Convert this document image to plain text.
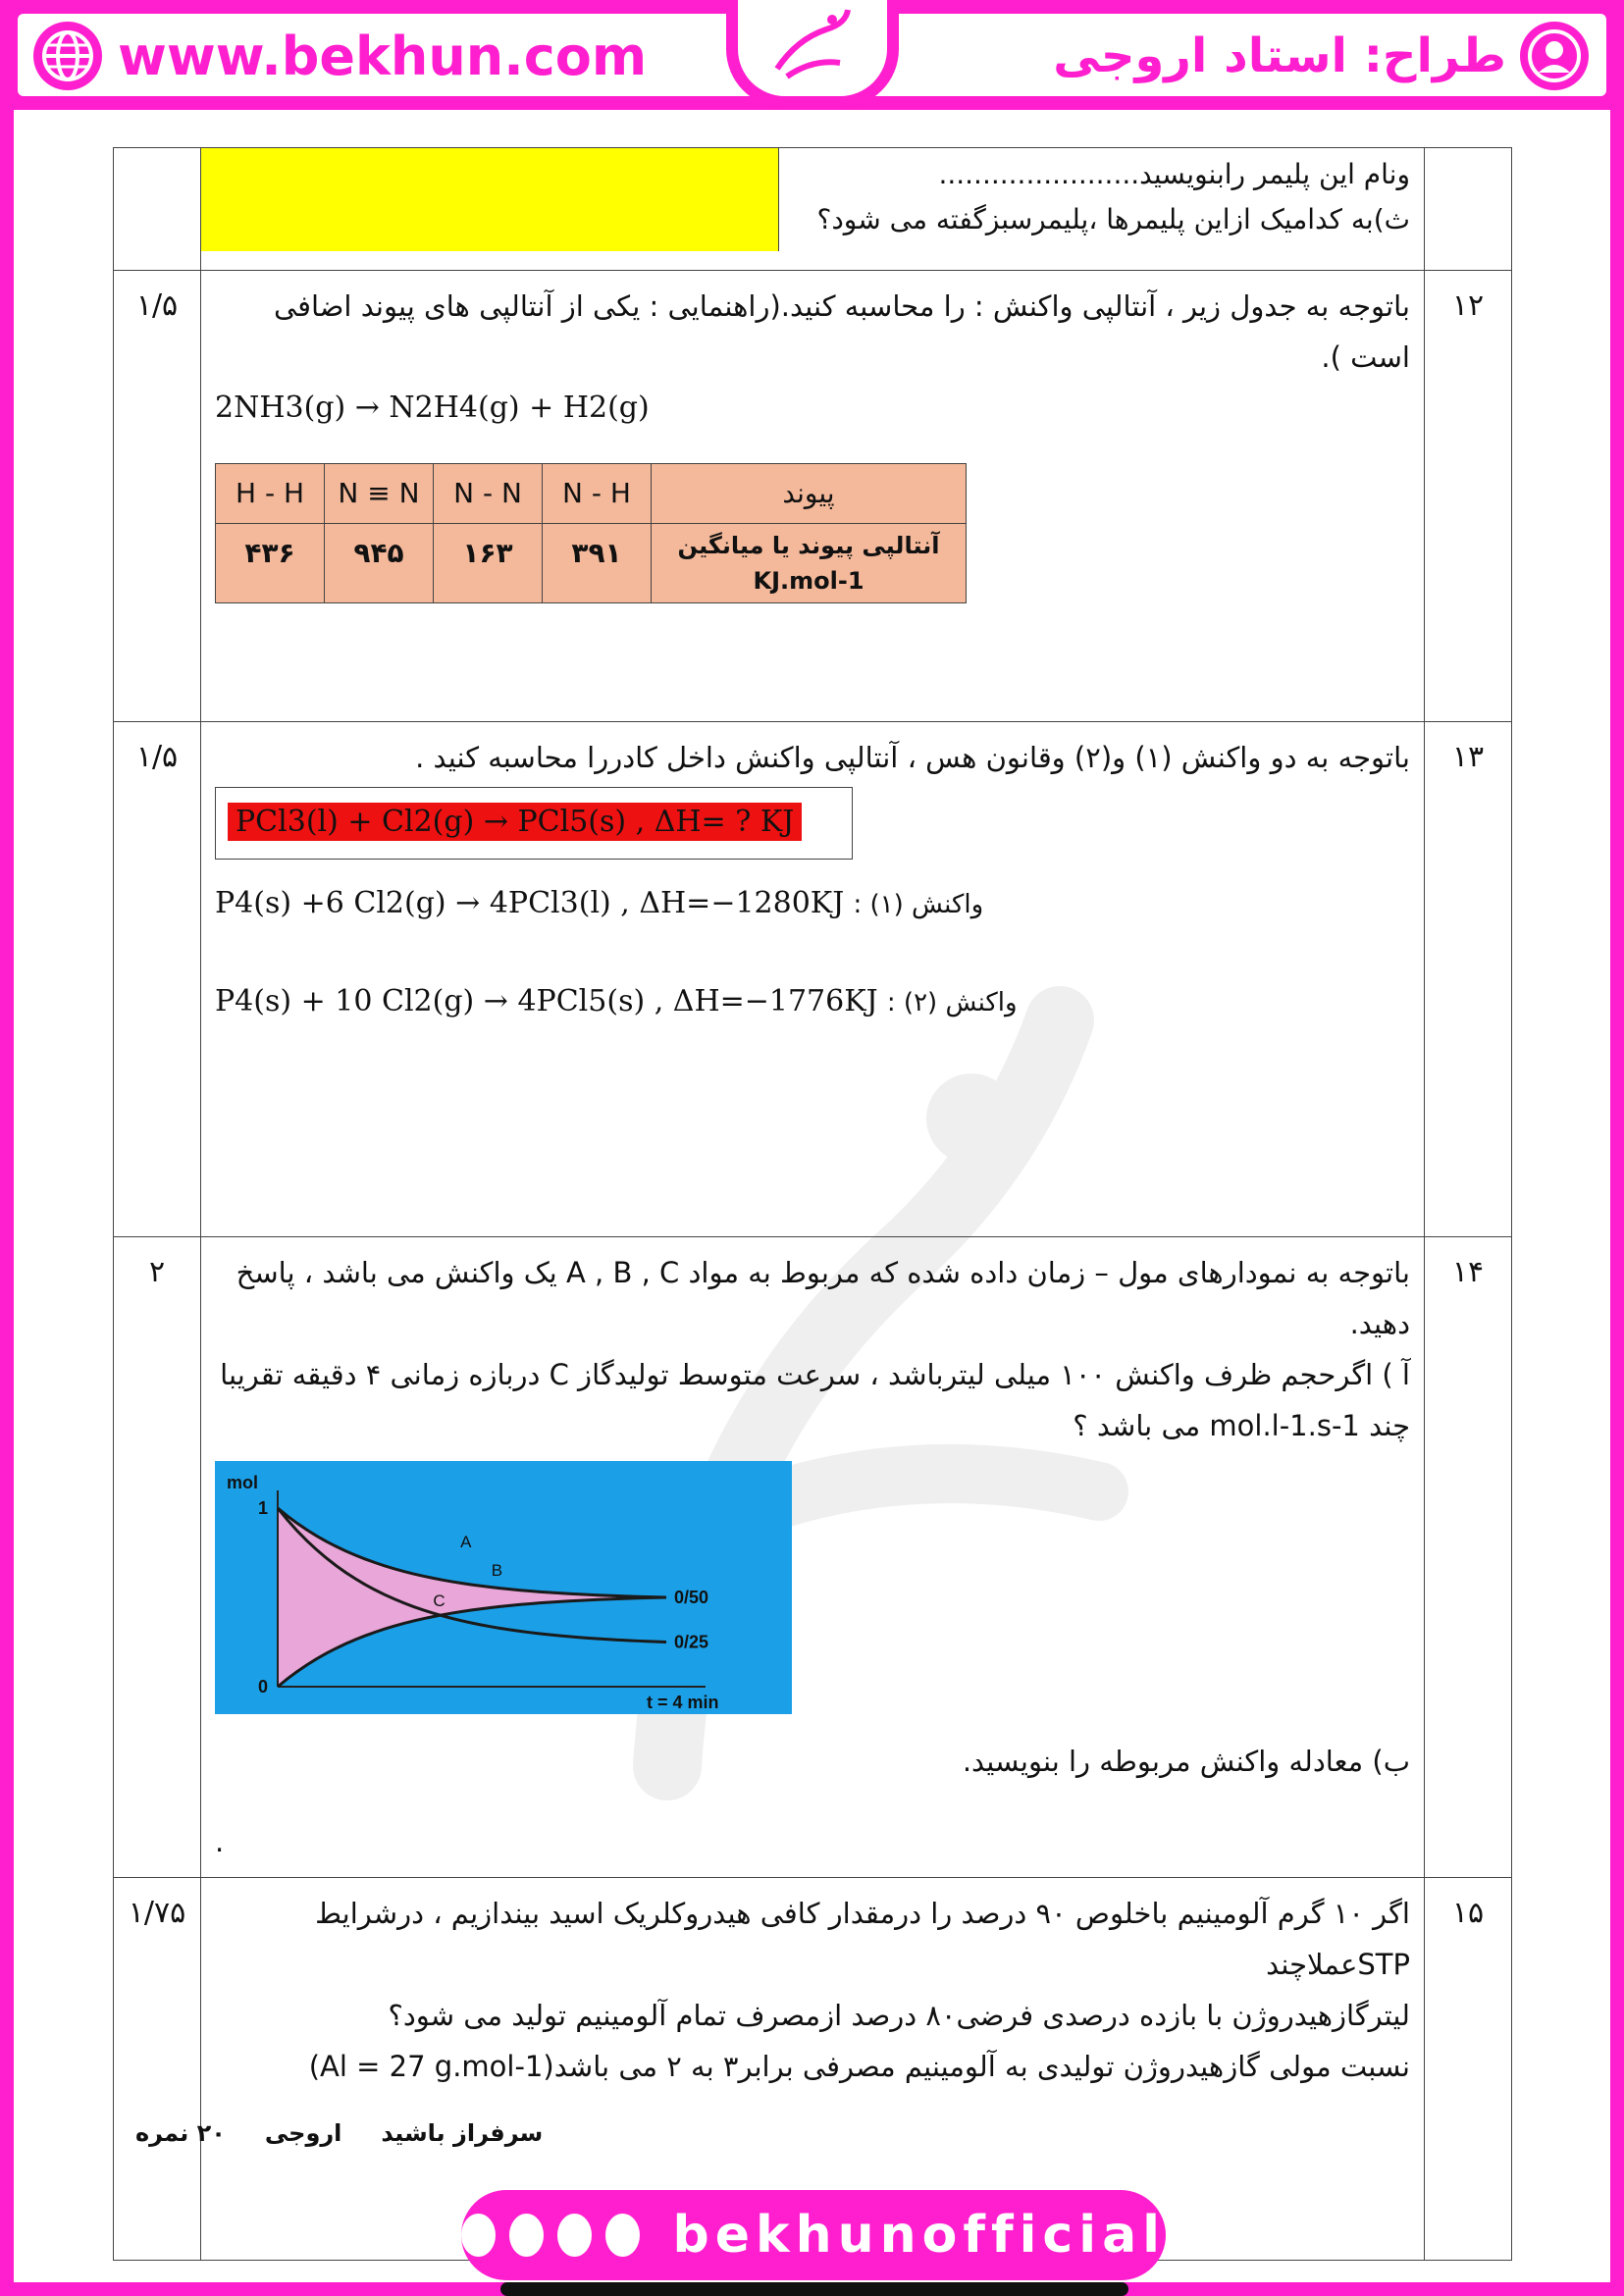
www.bekhun.com	طراح: استاد اروجی

ونام این پلیمر رابنویسید.......................
ث)به کدامیک ازاین پلیمرها ،پلیمرسبزگفته می شود؟

۱۲	
باتوجه به جدول زیر ، آنتالپی واکنش : را محاسبه کنید.(راهنمایی : یکی از آنتالپی های پیوند اضافی است ).
2NH3(g) → N2H4(g) + H2(g)
پیوند	N - H	N - N	N ≡ N	H - H

آنتالپی پیوند یا میانگین
KJ.mol-1
	۳۹۱	۱۶۳	۹۴۵	۴۳۶
	۱/۵
۱۳	
باتوجه به دو واکنش (۱) و(۲) وقانون هس ، آنتالپی واکنش داخل کادررا محاسبه کنید .
PCl3(l) + Cl2(g) → PCl5(s) , ΔH= ? KJ
P4(s) +6 Cl2(g) → 4PCl3(l) , ΔH=−1280KJ واکنش (۱) :
P4(s) + 10 Cl2(g) → 4PCl5(s) , ΔH=−1776KJ واکنش (۲) :
	۱/۵
۱۴	
باتوجه به نمودارهای مول – زمان داده شده که مربوط به مواد A , B , C یک واکنش می باشد ، پاسخ دهید.
آ ) اگرحجم ظرف واکنش ۱۰۰ میلی لیترباشد ، سرعت متوسط تولیدگاز C دربازه زمانی ۴ دقیقه تقریبا
چند mol.l-1.s-1 می باشد ؟
mol
1
0
0/25
0/50
A
B
C
t = 4 min
ب) معادله واکنش مربوطه را بنویسید.
.
	۲
۱۵	
اگر ۱۰ گرم آلومینیم باخلوص ۹۰ درصد را درمقدار کافی هیدروکلریک اسید بیندازیم ، درشرایط STPعملاچند
لیترگازهیدروژن با بازده درصدی فرضی۸۰ درصد ازمصرف تمام آلومینیم تولید می شود؟
نسبت مولی گازهیدروژن تولیدی به آلومینیم مصرفی برابر۳ به ۲ می باشد(Al = 27 g.mol-1)
	۱/۷۵
سرفراز باشید
اروجی
۲۰ نمره
bekhunofficial
